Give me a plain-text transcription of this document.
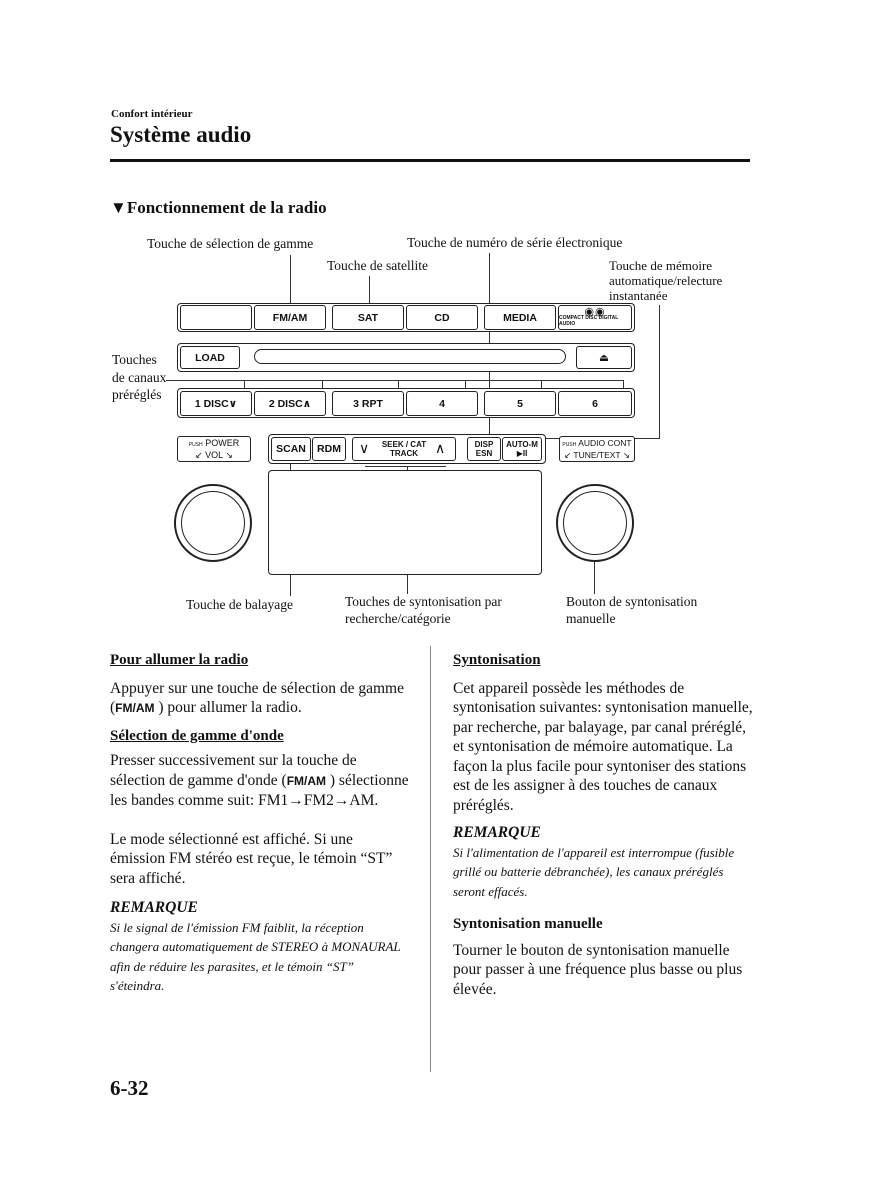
Confort intérieur
Système audio
▼Fonctionnement de la radio
Touche de sélection de gamme
Touche de satellite
Touche de numéro de série électronique
Touche de mémoire automatique/relecture instantanée
Touches de canaux préréglés
Touche de balayage	Touches de syntonisation par recherche/catégorie
Bouton de syntonisation manuelle
FM/AM	SAT	CD	MEDIA	◉◉
COMPACT DISC DIGITAL AUDIO
LOAD	⏏
1 DISC∨	2 DISC∧	3 RPT	4	5	6
PUSH POWER
↙ VOL ↘	SCAN	RDM	SEEK / CAT
TRACK
∨	∧	DISP
ESN
AUTO-M
▶II
PUSH AUDIO CONT
↙ TUNE/TEXT ↘
Pour allumer la radio

Appuyer sur une touche de sélection de gamme (FM/AM ) pour allumer la radio.

Sélection de gamme d'onde

Presser successivement sur la touche de sélection de gamme d'onde (FM/AM ) sélectionne les bandes comme suit: FM1→FM2→AM.

Le mode sélectionné est affiché. Si une émission FM stéréo est reçue, le témoin “ST” sera affiché.

REMARQUE
Si le signal de l'émission FM faiblit, la réception changera automatiquement de STEREO à MONAURAL afin de réduire les parasites, et le témoin “ST” s'éteindra.
Syntonisation

Cet appareil possède les méthodes de syntonisation suivantes: syntonisation manuelle, par recherche, par balayage, par canal préréglé, et syntonisation de mémoire automatique. La façon la plus facile pour syntoniser des stations est de les assigner à des touches de canaux préréglés.

REMARQUE
Si l'alimentation de l'appareil est interrompue (fusible grillé ou batterie débranchée), les canaux préréglés seront effacés.
Syntonisation manuelle

Tourner le bouton de syntonisation manuelle pour passer à une fréquence plus basse ou plus élevée.

6-32
